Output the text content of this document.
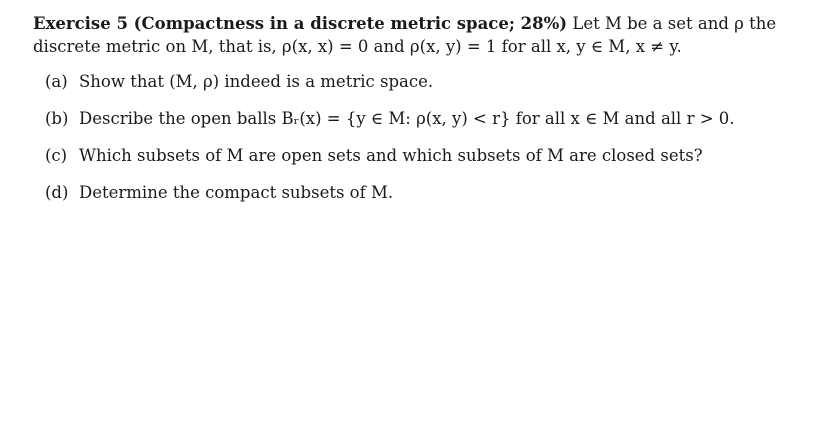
Exercise 5 (Compactness in a discrete metric space; 28%) Let M be a set and ρ the discrete metric on M, that is, ρ(x, x) = 0 and ρ(x, y) = 1 for all x, y ∈ M, x ≠ y.

(a) Show that (M, ρ) indeed is a metric space.
(b) Describe the open balls Bᵣ(x) = {y ∈ M: ρ(x, y) < r} for all x ∈ M and all r > 0.
(c) Which subsets of M are open sets and which subsets of M are closed sets?
(d) Determine the compact subsets of M.
